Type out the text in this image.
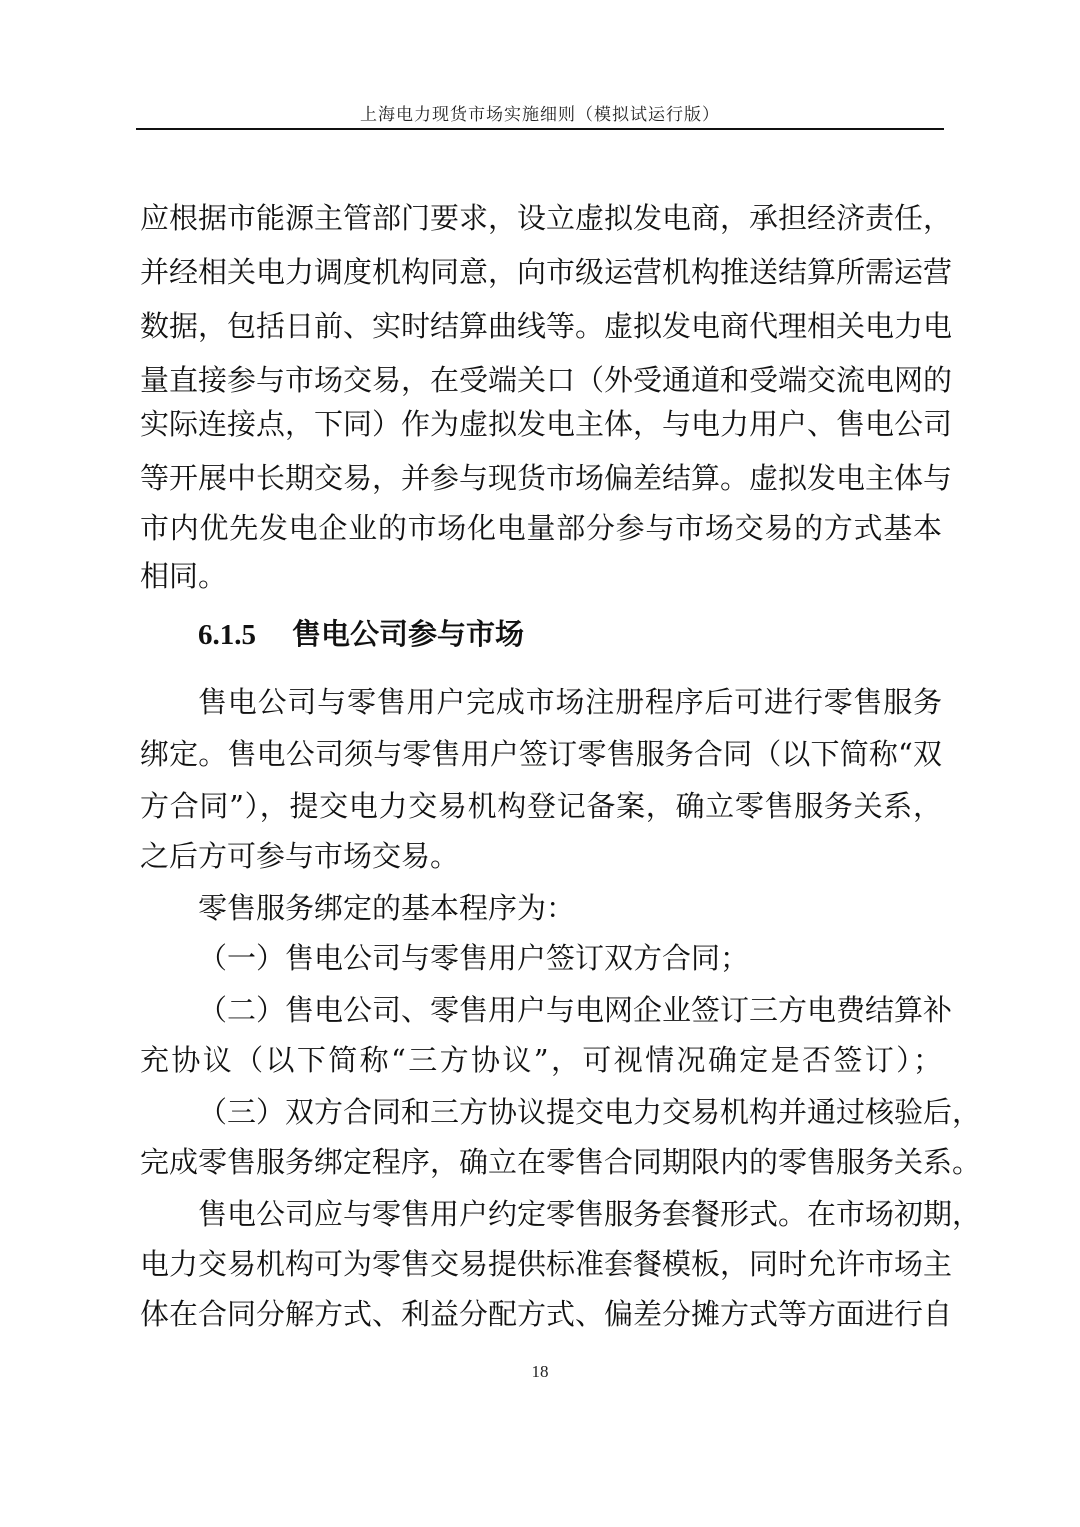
上海电力现货市场实施细则（模拟试运行版）
应根据市能源主管部门要求，设立虚拟发电商，承担经济责任，
并经相关电力调度机构同意，向市级运营机构推送结算所需运营
数据，包括日前、实时结算曲线等。虚拟发电商代理相关电力电
量直接参与市场交易，在受端关口（外受通道和受端交流电网的
实际连接点，下同）作为虚拟发电主体，与电力用户、售电公司
等开展中长期交易，并参与现货市场偏差结算。虚拟发电主体与
市内优先发电企业的市场化电量部分参与市场交易的方式基本
相同。
6.1.5 售电公司参与市场
售电公司与零售用户完成市场注册程序后可进行零售服务
绑定。售电公司须与零售用户签订零售服务合同（以下简称“双
方合同”），提交电力交易机构登记备案，确立零售服务关系，
之后方可参与市场交易。
零售服务绑定的基本程序为：
（一）售电公司与零售用户签订双方合同；
（二）售电公司、零售用户与电网企业签订三方电费结算补
充协议（以下简称“三方协议”，可视情况确定是否签订）；
（三）双方合同和三方协议提交电力交易机构并通过核验后，
完成零售服务绑定程序，确立在零售合同期限内的零售服务关系。
售电公司应与零售用户约定零售服务套餐形式。在市场初期，
电力交易机构可为零售交易提供标准套餐模板，同时允许市场主
体在合同分解方式、利益分配方式、偏差分摊方式等方面进行自
18
